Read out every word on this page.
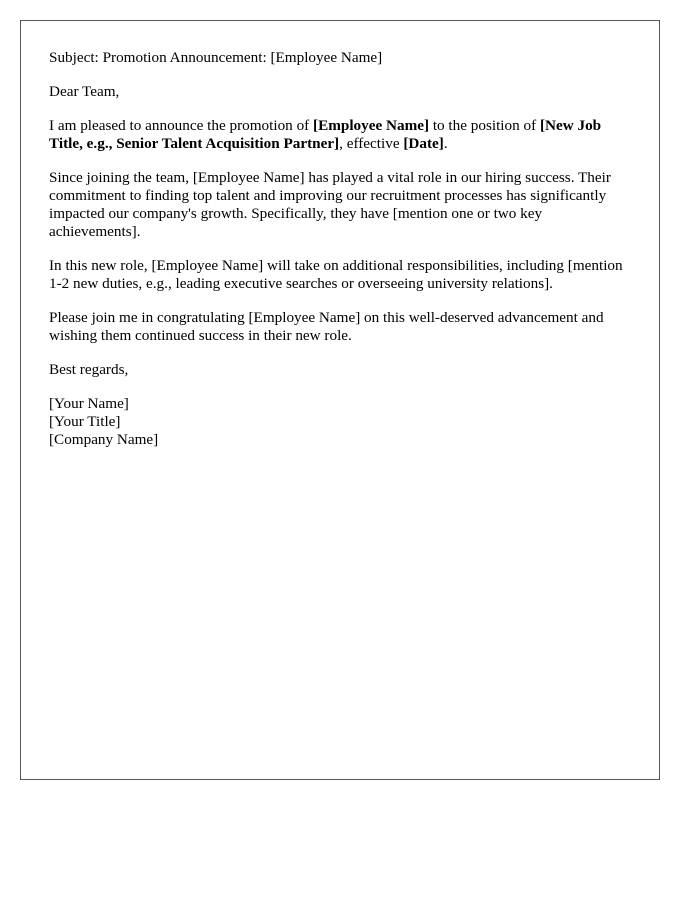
Subject: Promotion Announcement: [Employee Name]

Dear Team,

I am pleased to announce the promotion of [Employee Name] to the position of [New Job Title, e.g., Senior Talent Acquisition Partner], effective [Date].

Since joining the team, [Employee Name] has played a vital role in our hiring success. Their commitment to finding top talent and improving our recruitment processes has significantly impacted our company's growth. Specifically, they have [mention one or two key achievements].

In this new role, [Employee Name] will take on additional responsibilities, including [mention 1-2 new duties, e.g., leading executive searches or overseeing university relations].

Please join me in congratulating [Employee Name] on this well-deserved advancement and wishing them continued success in their new role.

Best regards,

[Your Name]
[Your Title]
[Company Name]
